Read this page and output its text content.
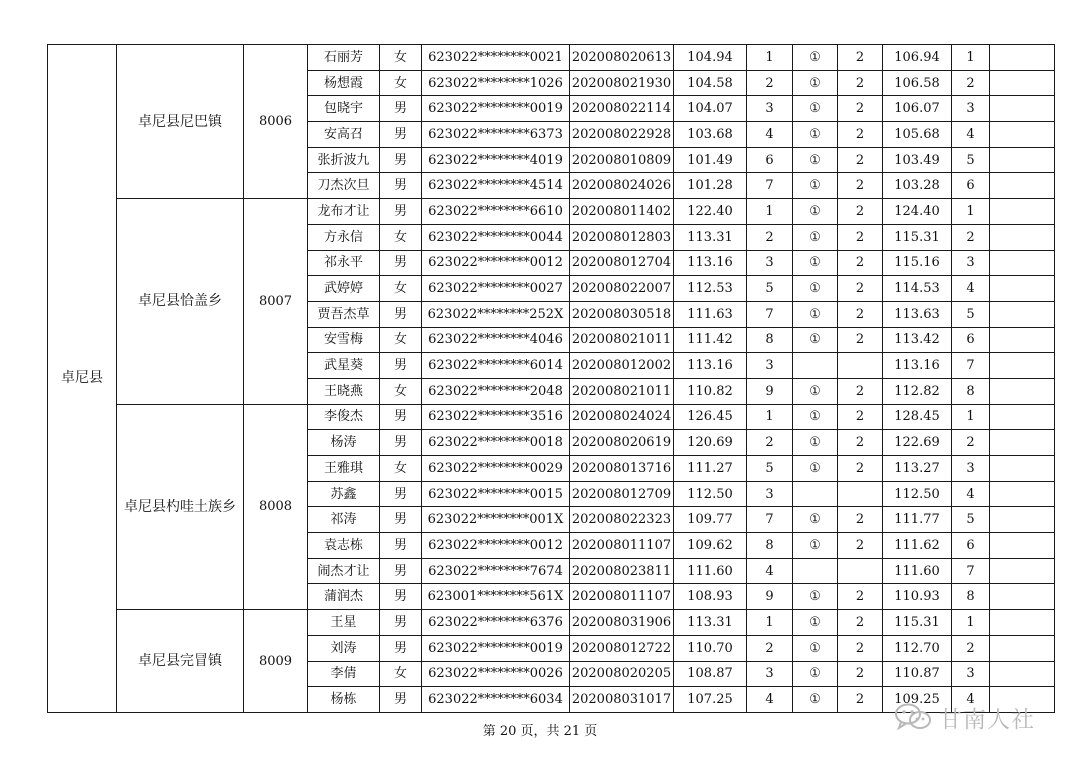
卓尼县	卓尼县尼巴镇	8006	石丽芳	女	623022********0021	202008020613	104.94	1	①	2	106.94	1	
			杨想霞	女	623022********1026	202008021930	104.58	2	①	2	106.58	2	
			包晓宇	男	623022********0019	202008022114	104.07	3	①	2	106.07	3	
			安高召	男	623022********6373	202008022928	103.68	4	①	2	105.68	4	
			张折波九	男	623022********4019	202008010809	101.49	6	①	2	103.49	5	
			刀杰次旦	男	623022********4514	202008024026	101.28	7	①	2	103.28	6	
	卓尼县恰盖乡	8007	龙布才让	男	623022********6610	202008011402	122.40	1	①	2	124.40	1	
			方永信	女	623022********0044	202008012803	113.31	2	①	2	115.31	2	
			祁永平	男	623022********0012	202008012704	113.16	3	①	2	115.16	3	
			武婷婷	女	623022********0027	202008022007	112.53	5	①	2	114.53	4	
			贾吾杰草	男	623022********252X	202008030518	111.63	7	①	2	113.63	5	
			安雪梅	女	623022********4046	202008021011	111.42	8	①	2	113.42	6	
			武星葵	男	623022********6014	202008012002	113.16	3			113.16	7	
			王晓燕	女	623022********2048	202008021011	110.82	9	①	2	112.82	8	
	卓尼县杓哇土族乡	8008	李俊杰	男	623022********3516	202008024024	126.45	1	①	2	128.45	1	
			杨涛	男	623022********0018	202008020619	120.69	2	①	2	122.69	2	
			王雅琪	女	623022********0029	202008013716	111.27	5	①	2	113.27	3	
			苏鑫	男	623022********0015	202008012709	112.50	3			112.50	4	
			祁涛	男	623022********001X	202008022323	109.77	7	①	2	111.77	5	
			袁志栋	男	623022********0012	202008011107	109.62	8	①	2	111.62	6	
			闹杰才让	男	623022********7674	202008023811	111.60	4			111.60	7	
			蒲润杰	男	623001********561X	202008011107	108.93	9	①	2	110.93	8	
	卓尼县完冒镇	8009	王星	男	623022********6376	202008031906	113.31	1	①	2	115.31	1	
			刘涛	男	623022********0019	202008012722	110.70	2	①	2	112.70	2	
			李倩	女	623022********0026	202008020205	108.87	3	①	2	110.87	3	
			杨栋	男	623022********6034	202008031017	107.25	4	①	2	109.25	4	
第 20 页，共 21 页	甘南人社
